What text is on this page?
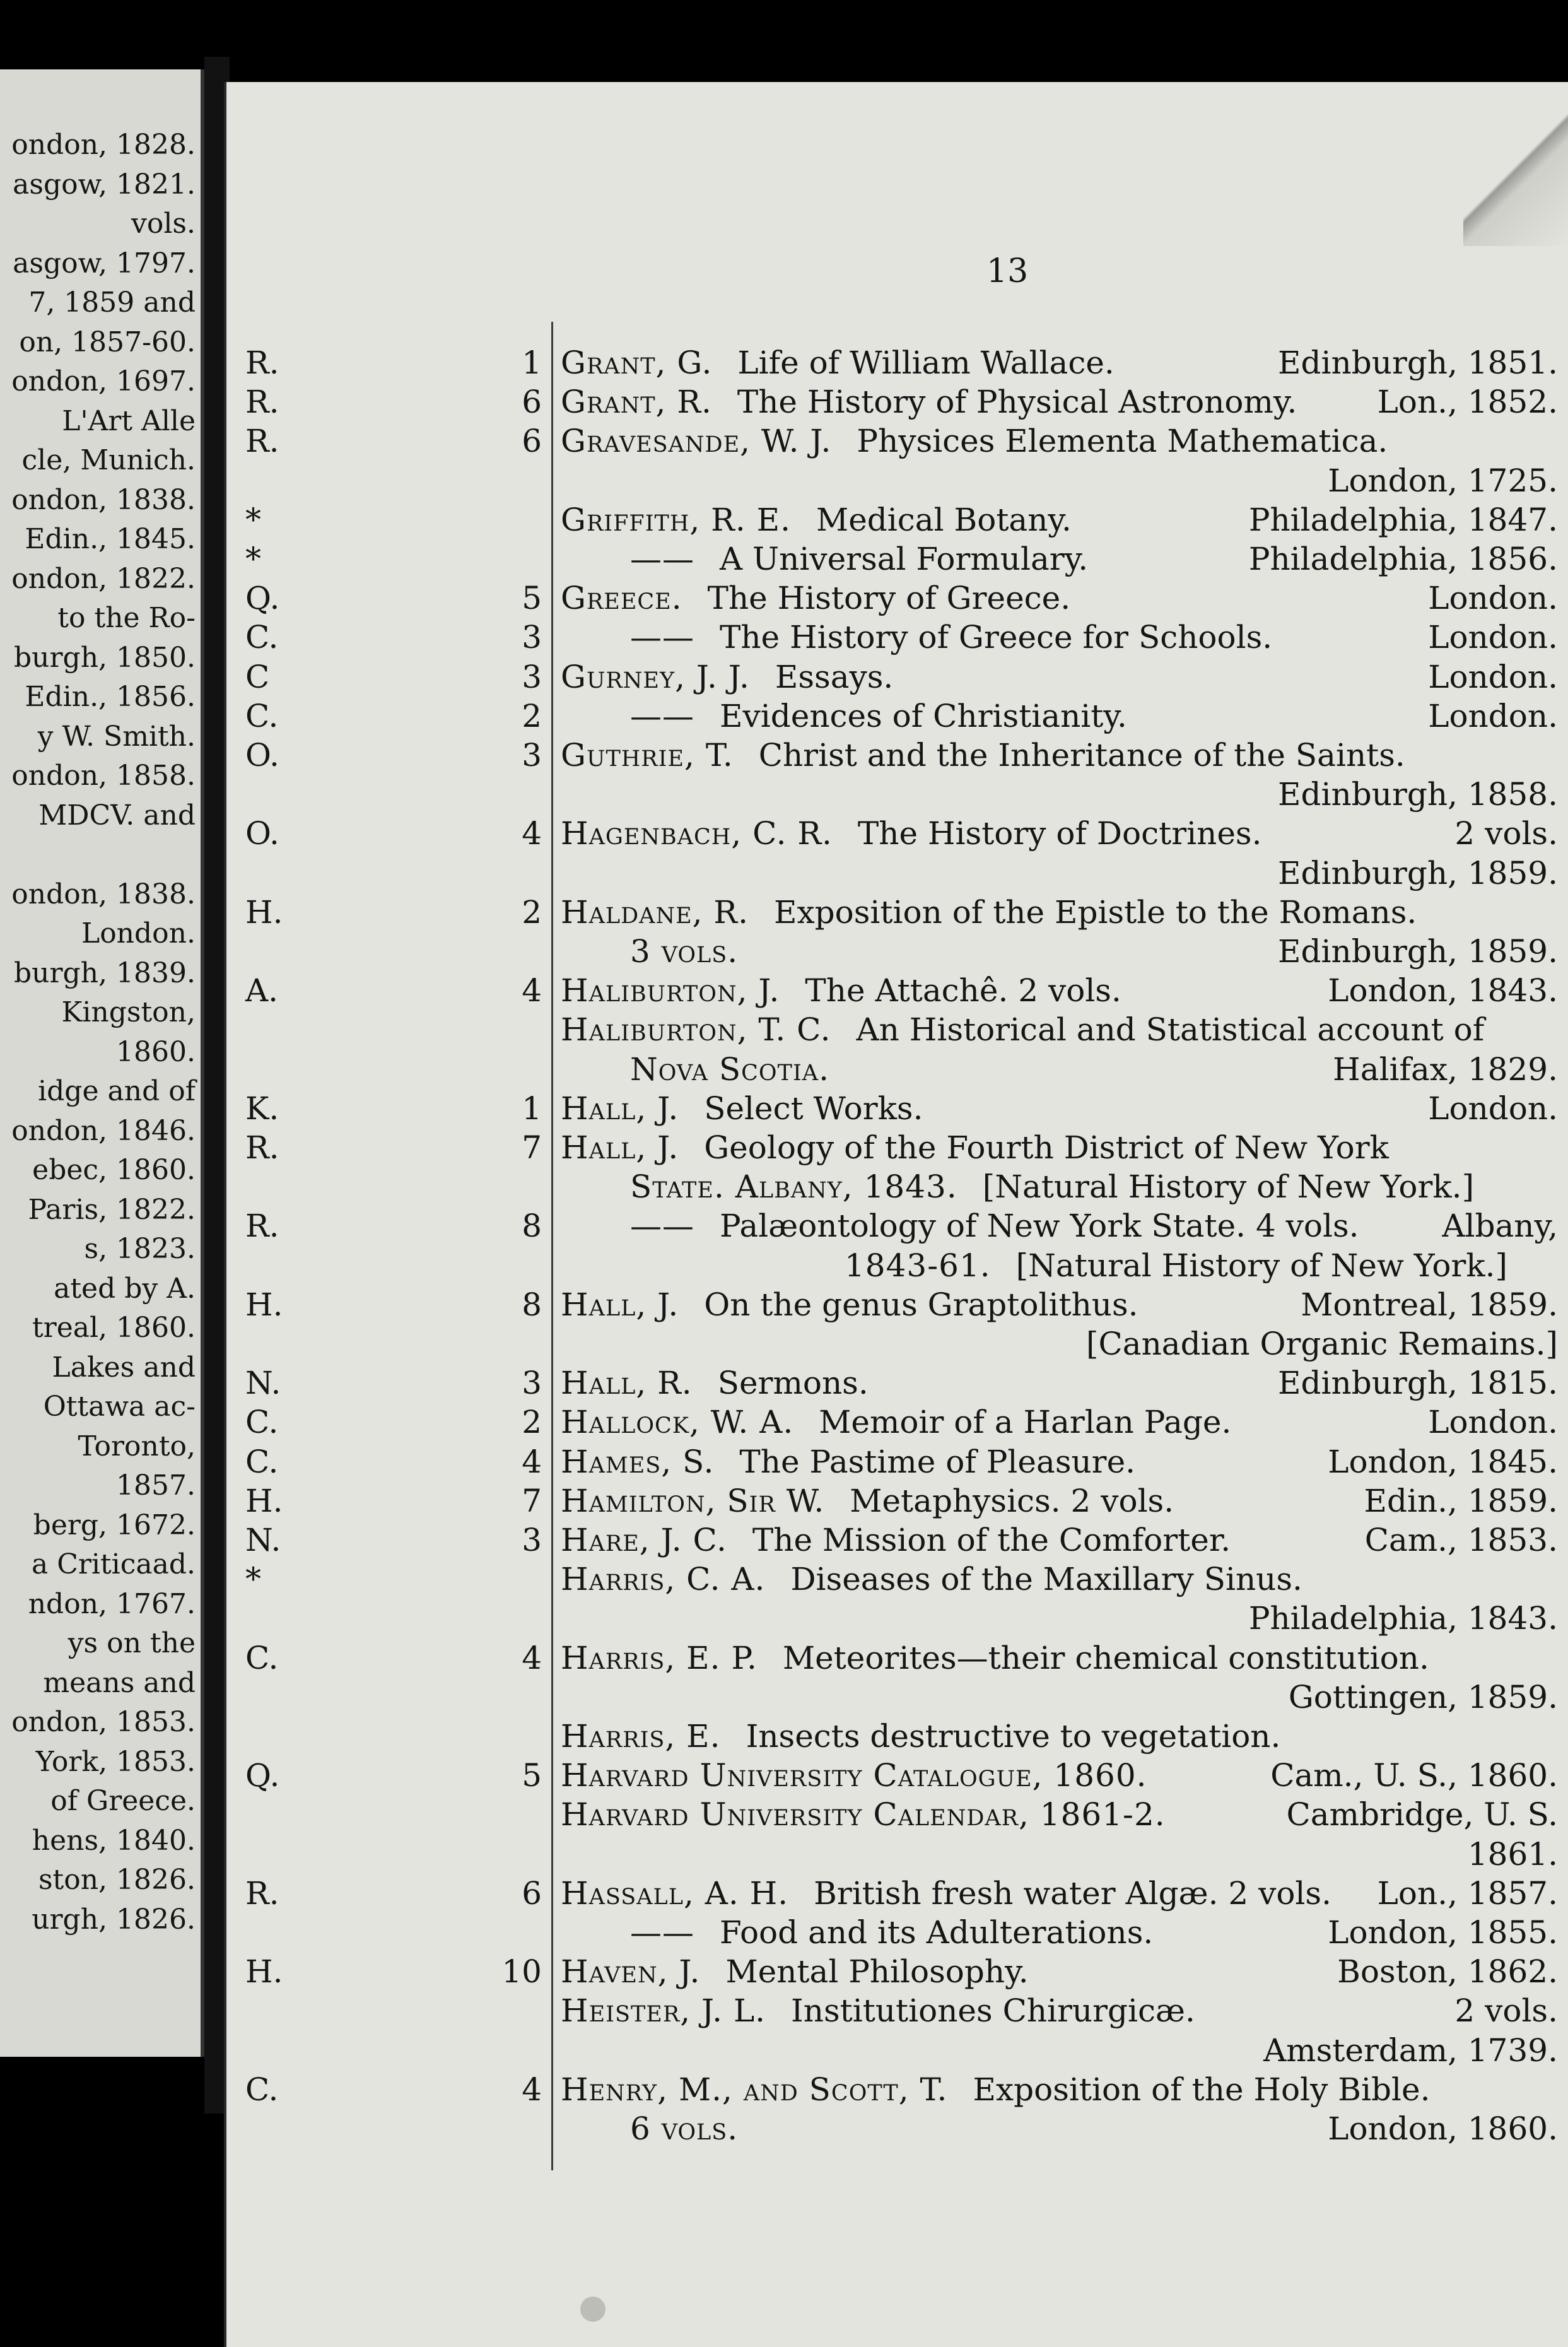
ondon, 1828.
asgow, 1821.
vols.
asgow, 1797.
7, 1859 and
on, 1857-60.
ondon, 1697.
L'Art Alle
cle, Munich.
ondon, 1838.
Edin., 1845.
ondon, 1822.
to the Ro-
burgh, 1850.
Edin., 1856.
y W. Smith.
ondon, 1858.
MDCV. and
ondon, 1838.
London.
burgh, 1839.
Kingston,
1860.
idge and of
ondon, 1846.
ebec, 1860.
Paris, 1822.
s, 1823.
ated by A.
treal, 1860.
Lakes and
Ottawa ac-
Toronto,
1857.
berg, 1672.
a Criticaad.
ndon, 1767.
ys on the
means and
ondon, 1853.
York, 1853.
of Greece.
hens, 1840.
ston, 1826.
urgh, 1826.
13
R.	1 Grant, G. Life of William Wallace.	Edinburgh, 1851.
R.	6 Grant, R. The History of Physical Astronomy.	Lon., 1852.
R.	6 Gravesande, W. J. Physices Elementa Mathematica.
London, 1725.
*	Griffith, R. E. Medical Botany.	Philadelphia, 1847.
*	—— A Universal Formulary.	Philadelphia, 1856.
Q.	5 Greece. The History of Greece.	London.
C.	3	—— The History of Greece for Schools.	London.
C	3 Gurney, J. J. Essays.	London.
C.	2	—— Evidences of Christianity.	London.
O.	3 Guthrie, T. Christ and the Inheritance of the Saints.
Edinburgh, 1858.
O.	4 Hagenbach, C. R. The History of Doctrines.	2 vols.
Edinburgh, 1859.
H.	2 Haldane, R. Exposition of the Epistle to the Romans.
3 vols.	Edinburgh, 1859.
A.	4 Haliburton, J. The Attachê. 2 vols.	London, 1843.
Haliburton, T. C. An Historical and Statistical account of
Nova Scotia.	Halifax, 1829.
K.	1 Hall, J. Select Works.	London.
R.	7 Hall, J. Geology of the Fourth District of New York
State. Albany, 1843. [Natural History of New York.]
R.	8	—— Palæontology of New York State. 4 vols.	Albany,
1843-61. [Natural History of New York.]
H.	8 Hall, J. On the genus Graptolithus.	Montreal, 1859.
[Canadian Organic Remains.]
N.	3 Hall, R. Sermons.	Edinburgh, 1815.
C.	2 Hallock, W. A. Memoir of a Harlan Page.	London.
C.	4 Hames, S. The Pastime of Pleasure.	London, 1845.
H.	7 Hamilton, Sir W. Metaphysics. 2 vols.	Edin., 1859.
N.	3 Hare, J. C. The Mission of the Comforter.	Cam., 1853.
*	Harris, C. A. Diseases of the Maxillary Sinus.
Philadelphia, 1843.
C.	4 Harris, E. P. Meteorites—their chemical constitution.
Gottingen, 1859.
Harris, E. Insects destructive to vegetation.
Q.	5 Harvard University Catalogue, 1860.	Cam., U. S., 1860.
Harvard University Calendar, 1861-2.	Cambridge, U. S.
1861.
R.	6 Hassall, A. H. British fresh water Algæ. 2 vols.	Lon., 1857.
—— Food and its Adulterations.	London, 1855.
H.	10 Haven, J. Mental Philosophy.	Boston, 1862.
Heister, J. L. Institutiones Chirurgicæ.	2 vols.
Amsterdam, 1739.
C.	4 Henry, M., and Scott, T. Exposition of the Holy Bible.
6 vols.	London, 1860.
